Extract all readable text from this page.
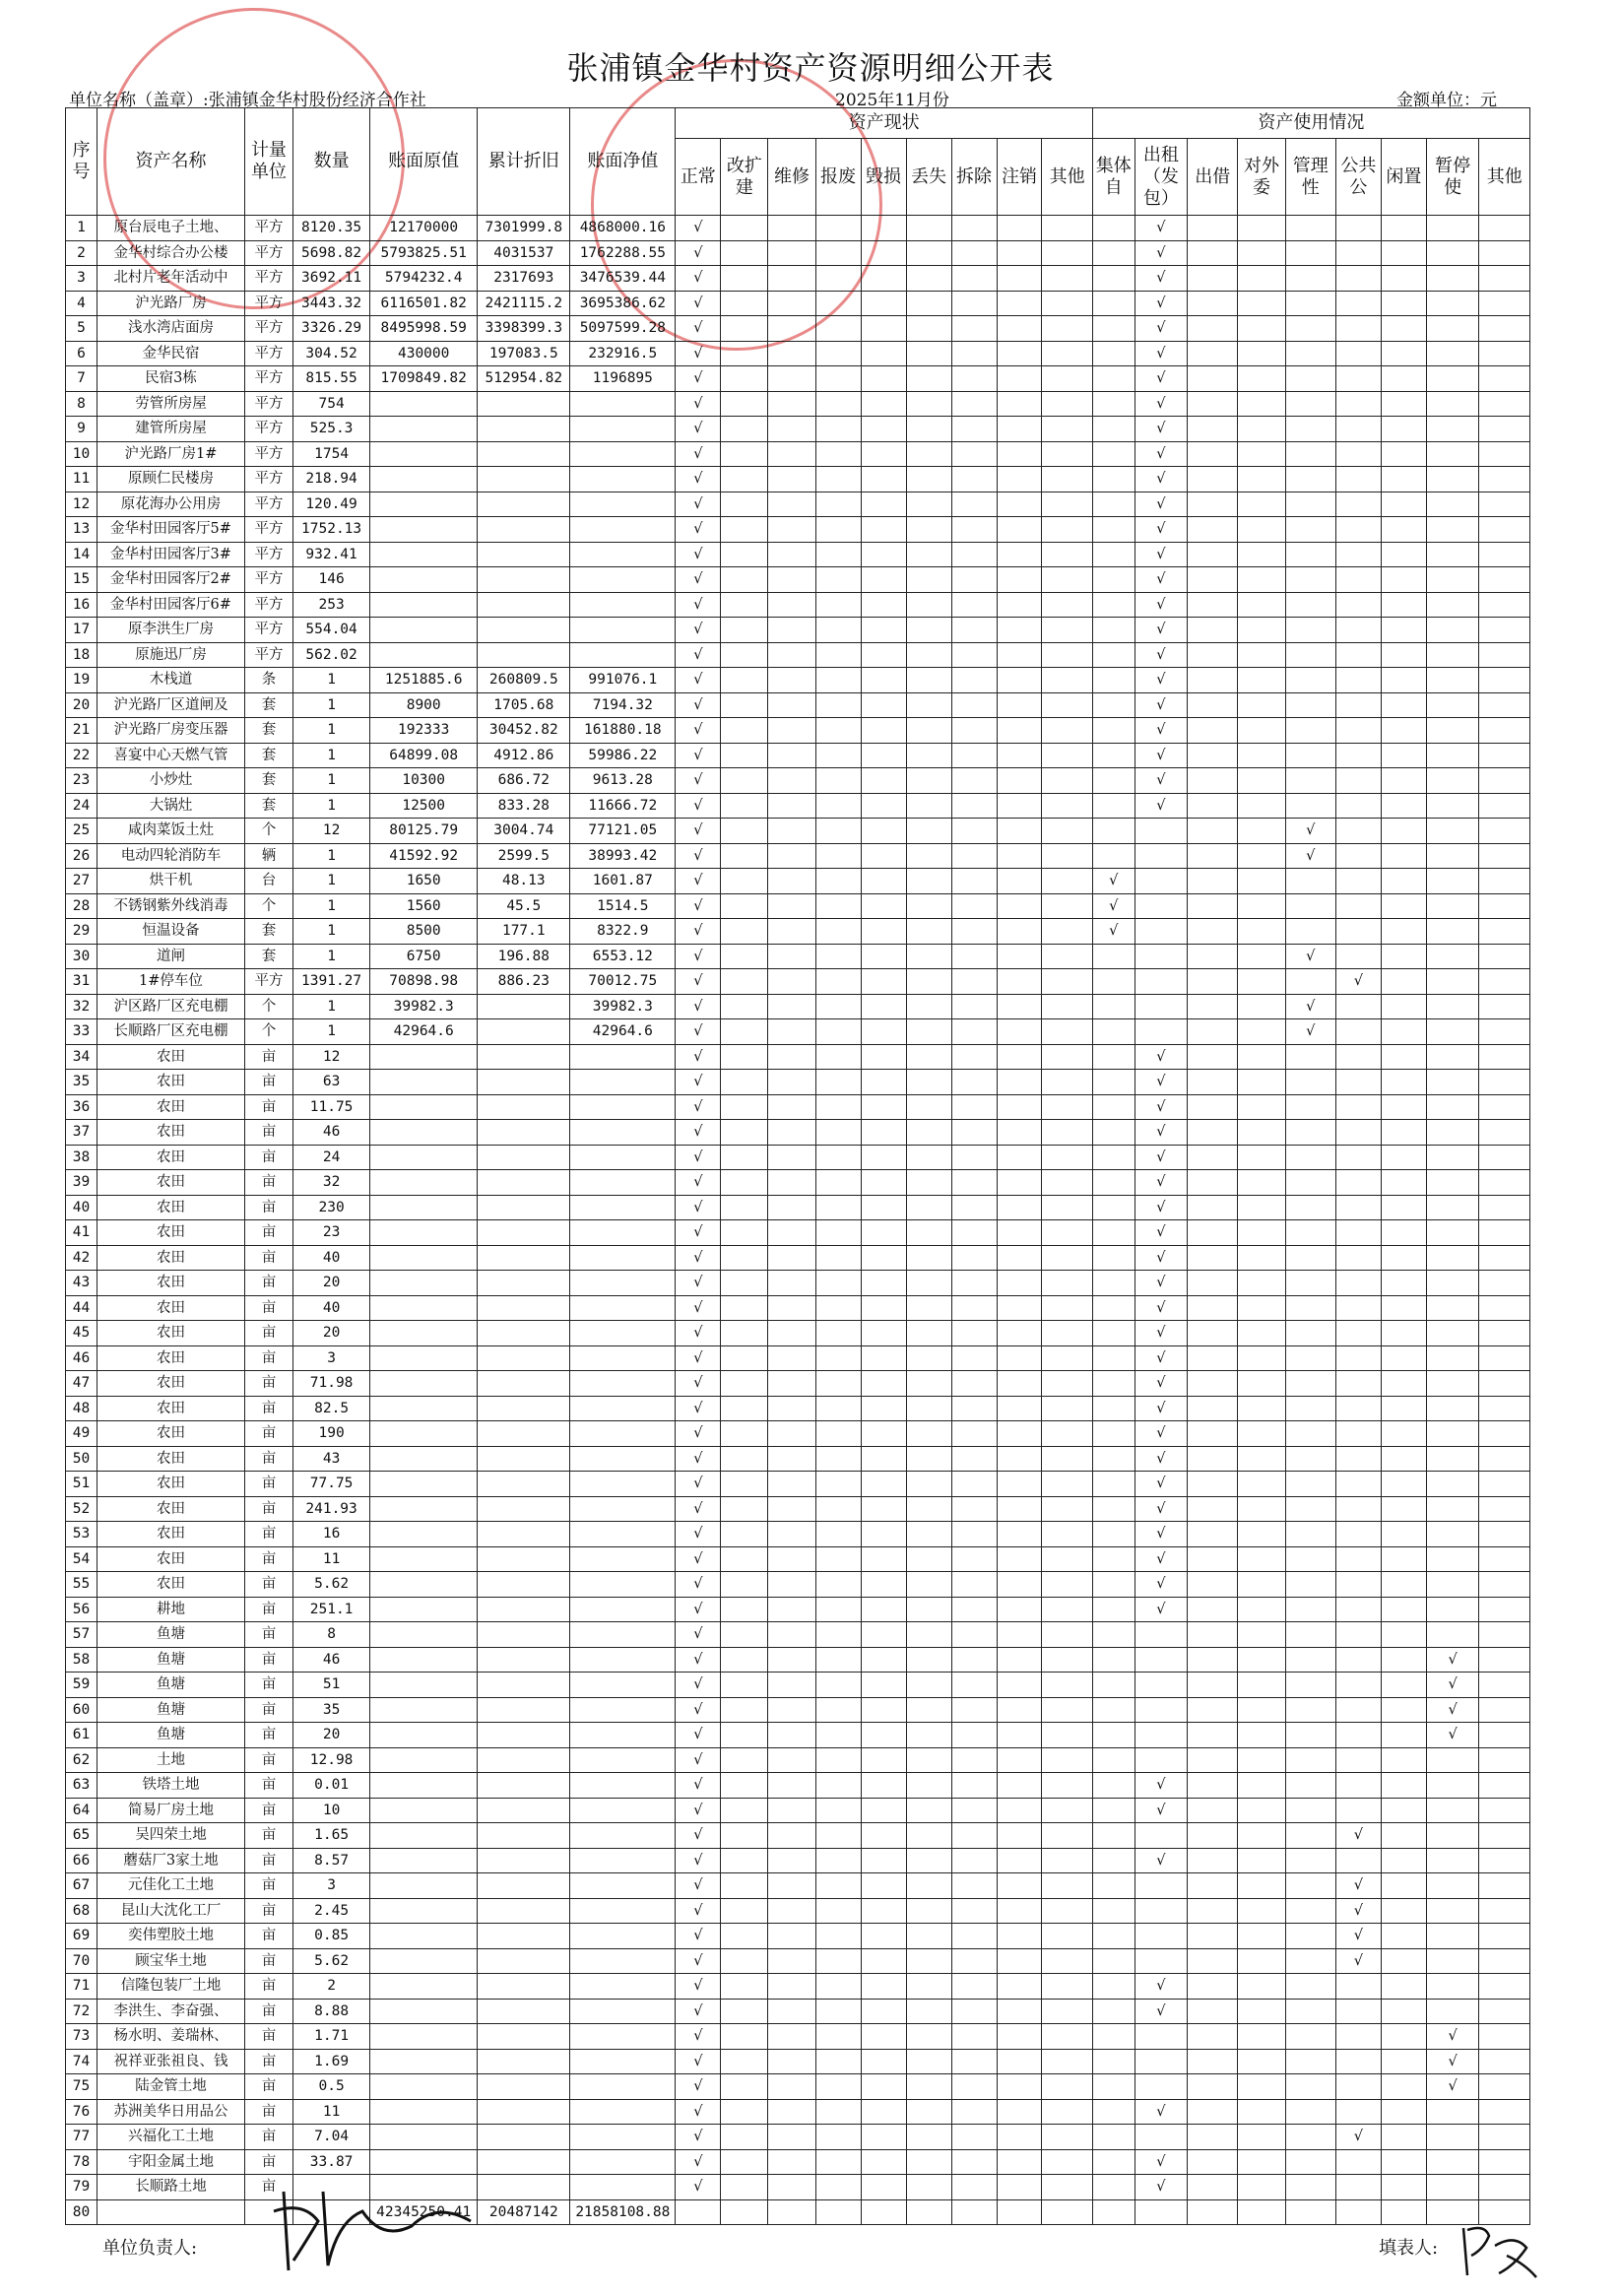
张浦镇金华村资产资源明细公开表
单位名称（盖章）:张浦镇金华村股份经济合作社	2025年11月份	金额单位：元
序号	资产名称	计量单位	数量	账面原值	累计折旧	账面净值	资产现状									资产使用情况								
							正常	改扩建	维修	报废	毁损	丢失	拆除	注销	其他	集体自	出租（发包）	出借	对外委	管理性	公共公	闲置	暂停使	其他
1	原台辰电子土地、	平方	8120.35	12170000	7301999.8	4868000.16	√										√							
2	金华村综合办公楼	平方	5698.82	5793825.51	4031537	1762288.55	√										√							
3	北村片老年活动中	平方	3692.11	5794232.4	2317693	3476539.44	√										√							
4	沪光路厂房	平方	3443.32	6116501.82	2421115.2	3695386.62	√										√							
5	浅水湾店面房	平方	3326.29	8495998.59	3398399.3	5097599.28	√										√							
6	金华民宿	平方	304.52	430000	197083.5	232916.5	√										√							
7	民宿3栋	平方	815.55	1709849.82	512954.82	1196895	√										√							
8	劳管所房屋	平方	754				√										√							
9	建管所房屋	平方	525.3				√										√							
10	沪光路厂房1#	平方	1754				√										√							
11	原顾仁民楼房	平方	218.94				√										√							
12	原花海办公用房	平方	120.49				√										√							
13	金华村田园客厅5#	平方	1752.13				√										√							
14	金华村田园客厅3#	平方	932.41				√										√							
15	金华村田园客厅2#	平方	146				√										√							
16	金华村田园客厅6#	平方	253				√										√							
17	原李洪生厂房	平方	554.04				√										√							
18	原施迅厂房	平方	562.02				√										√							
19	木栈道	条	1	1251885.6	260809.5	991076.1	√										√							
20	沪光路厂区道闸及	套	1	8900	1705.68	7194.32	√										√							
21	沪光路厂房变压器	套	1	192333	30452.82	161880.18	√										√							
22	喜宴中心天燃气管	套	1	64899.08	4912.86	59986.22	√										√							
23	小炒灶	套	1	10300	686.72	9613.28	√										√							
24	大锅灶	套	1	12500	833.28	11666.72	√										√							
25	咸肉菜饭土灶	个	12	80125.79	3004.74	77121.05	√													√				
26	电动四轮消防车	辆	1	41592.92	2599.5	38993.42	√													√				
27	烘干机	台	1	1650	48.13	1601.87	√									√								
28	不锈钢紫外线消毒	个	1	1560	45.5	1514.5	√									√								
29	恒温设备	套	1	8500	177.1	8322.9	√									√								
30	道闸	套	1	6750	196.88	6553.12	√													√				
31	1#停车位	平方	1391.27	70898.98	886.23	70012.75	√														√			
32	沪区路厂区充电棚	个	1	39982.3		39982.3	√													√				
33	长顺路厂区充电棚	个	1	42964.6		42964.6	√													√				
34	农田	亩	12				√										√							
35	农田	亩	63				√										√							
36	农田	亩	11.75				√										√							
37	农田	亩	46				√										√							
38	农田	亩	24				√										√							
39	农田	亩	32				√										√							
40	农田	亩	230				√										√							
41	农田	亩	23				√										√							
42	农田	亩	40				√										√							
43	农田	亩	20				√										√							
44	农田	亩	40				√										√							
45	农田	亩	20				√										√							
46	农田	亩	3				√										√							
47	农田	亩	71.98				√										√							
48	农田	亩	82.5				√										√							
49	农田	亩	190				√										√							
50	农田	亩	43				√										√							
51	农田	亩	77.75				√										√							
52	农田	亩	241.93				√										√							
53	农田	亩	16				√										√							
54	农田	亩	11				√										√							
55	农田	亩	5.62				√										√							
56	耕地	亩	251.1				√										√							
57	鱼塘	亩	8				√																	
58	鱼塘	亩	46				√																√	
59	鱼塘	亩	51				√																√	
60	鱼塘	亩	35				√																√	
61	鱼塘	亩	20				√																√	
62	土地	亩	12.98				√																	
63	铁塔土地	亩	0.01				√										√							
64	简易厂房土地	亩	10				√										√							
65	吴四荣土地	亩	1.65				√														√			
66	蘑菇厂3家土地	亩	8.57				√										√							
67	元佳化工土地	亩	3				√														√			
68	昆山大沈化工厂	亩	2.45				√														√			
69	奕伟塑胶土地	亩	0.85				√														√			
70	顾宝华土地	亩	5.62				√														√			
71	信隆包装厂土地	亩	2				√										√							
72	李洪生、李奋强、	亩	8.88				√										√							
73	杨水明、姜瑞林、	亩	1.71				√																√	
74	祝祥亚张祖良、钱	亩	1.69				√																√	
75	陆金管土地	亩	0.5				√																√	
76	苏洲美华日用品公	亩	11				√										√							
77	兴福化工土地	亩	7.04				√														√			
78	宇阳金属土地	亩	33.87				√										√							
79	长顺路土地	亩					√										√							
80				42345250.41	20487142	21858108.88																		
单位负责人:	填表人:
